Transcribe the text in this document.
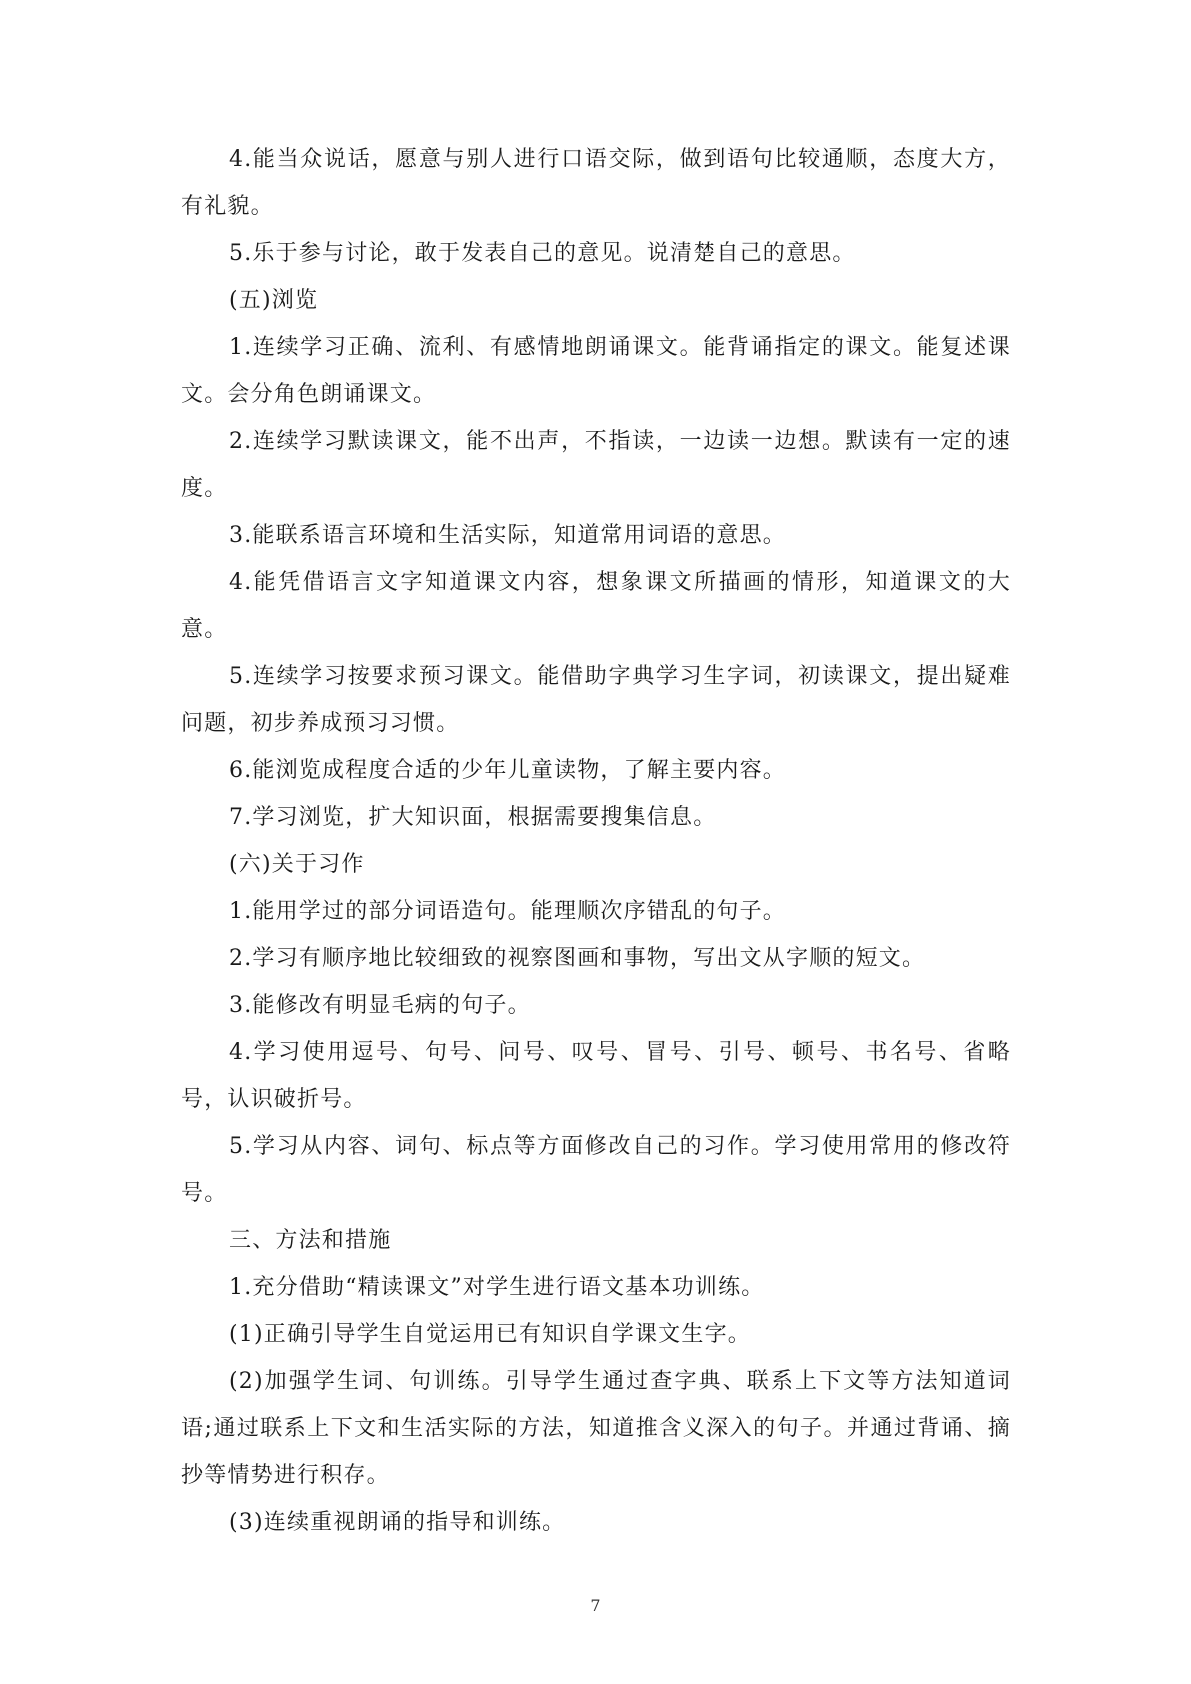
4.能当众说话，愿意与别人进行口语交际，做到语句比较通顺，态度大方，有礼貌。

5.乐于参与讨论，敢于发表自己的意见。说清楚自己的意思。

(五)浏览

1.连续学习正确、流利、有感情地朗诵课文。能背诵指定的课文。能复述课文。会分角色朗诵课文。

2.连续学习默读课文，能不出声，不指读，一边读一边想。默读有一定的速度。

3.能联系语言环境和生活实际，知道常用词语的意思。

4.能凭借语言文字知道课文内容，想象课文所描画的情形，知道课文的大意。

5.连续学习按要求预习课文。能借助字典学习生字词，初读课文，提出疑难问题，初步养成预习习惯。

6.能浏览成程度合适的少年儿童读物，了解主要内容。

7.学习浏览，扩大知识面，根据需要搜集信息。

(六)关于习作

1.能用学过的部分词语造句。能理顺次序错乱的句子。

2.学习有顺序地比较细致的视察图画和事物，写出文从字顺的短文。

3.能修改有明显毛病的句子。

4.学习使用逗号、句号、问号、叹号、冒号、引号、顿号、书名号、省略号，认识破折号。

5.学习从内容、词句、标点等方面修改自己的习作。学习使用常用的修改符号。

三、方法和措施

1.充分借助“精读课文”对学生进行语文基本功训练。

(1)正确引导学生自觉运用已有知识自学课文生字。

(2)加强学生词、句训练。引导学生通过查字典、联系上下文等方法知道词语;通过联系上下文和生活实际的方法，知道推含义深入的句子。并通过背诵、摘抄等情势进行积存。

(3)连续重视朗诵的指导和训练。

7
